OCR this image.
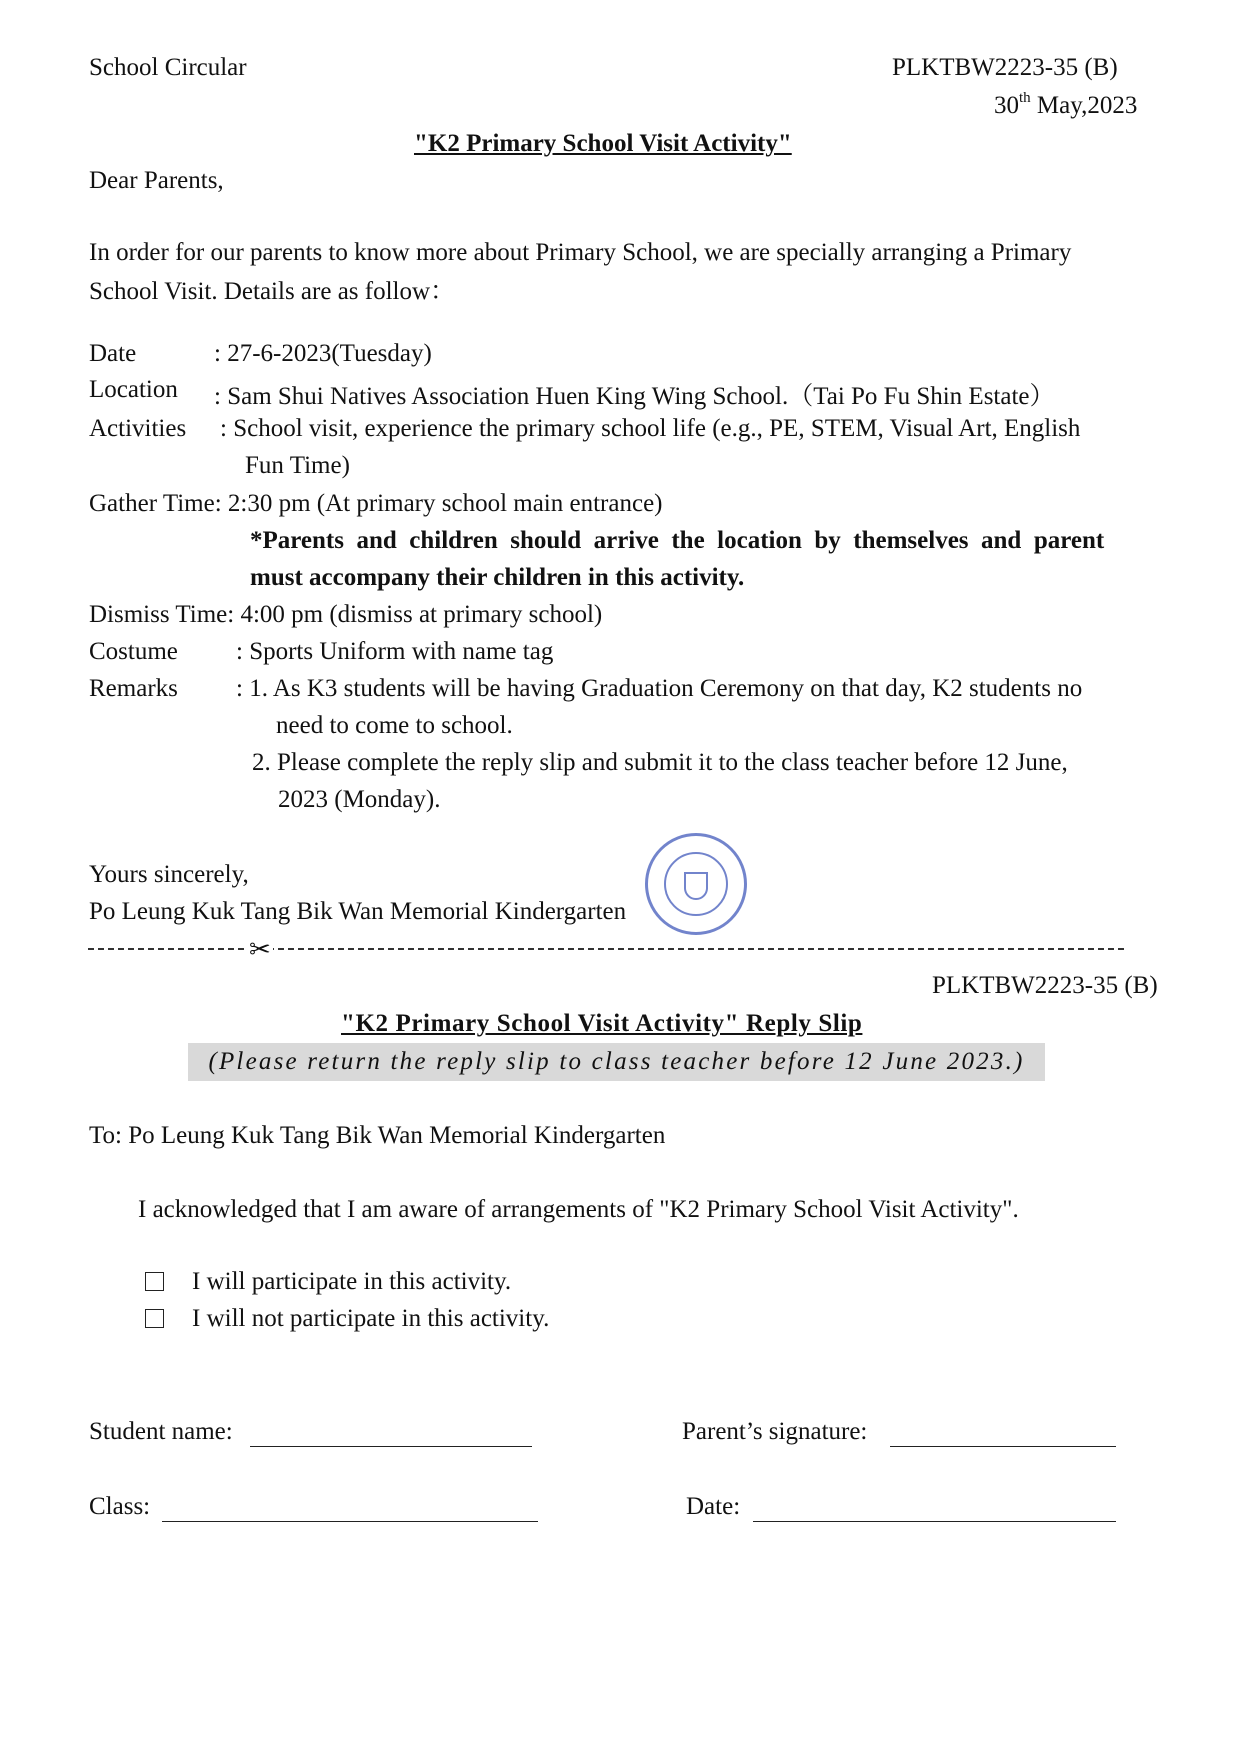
School Circular	PLKTBW2223-35 (B)
30th May,2023
"K2 Primary School Visit Activity"
Dear Parents,
In order for our parents to know more about Primary School, we are specially arranging a Primary
School Visit. Details are as follow：
Date	: 27-6-2023(Tuesday)
Location : Sam Shui Natives Association Huen King Wing School.（Tai Po Fu Shin Estate）
Activities : School visit, experience the primary school life (e.g., PE, STEM, Visual Art, English
Fun Time)
Gather Time: 2:30 pm (At primary school main entrance)
*Parents  and  children  should  arrive  the  location  by  themselves  and  parent
must accompany their children in this activity.
Dismiss Time: 4:00 pm (dismiss at primary school)
Costume : Sports Uniform with name tag
Remarks : 1. As K3 students will be having Graduation Ceremony on that day, K2 students no
need to come to school.
2. Please complete the reply slip and submit it to the class teacher before 12 June,
2023 (Monday).
Yours sincerely,
Po Leung Kuk Tang Bik Wan Memorial Kindergarten
✂
PLKTBW2223-35 (B)
"K2 Primary School Visit Activity" Reply Slip
(Please return the reply slip to class teacher before 12 June 2023.)
To: Po Leung Kuk Tang Bik Wan Memorial Kindergarten
I acknowledged that I am aware of arrangements of "K2 Primary School Visit Activity".
I will participate in this activity.
I will not participate in this activity.
Student name:	Parent’s signature:
Class:	Date:
